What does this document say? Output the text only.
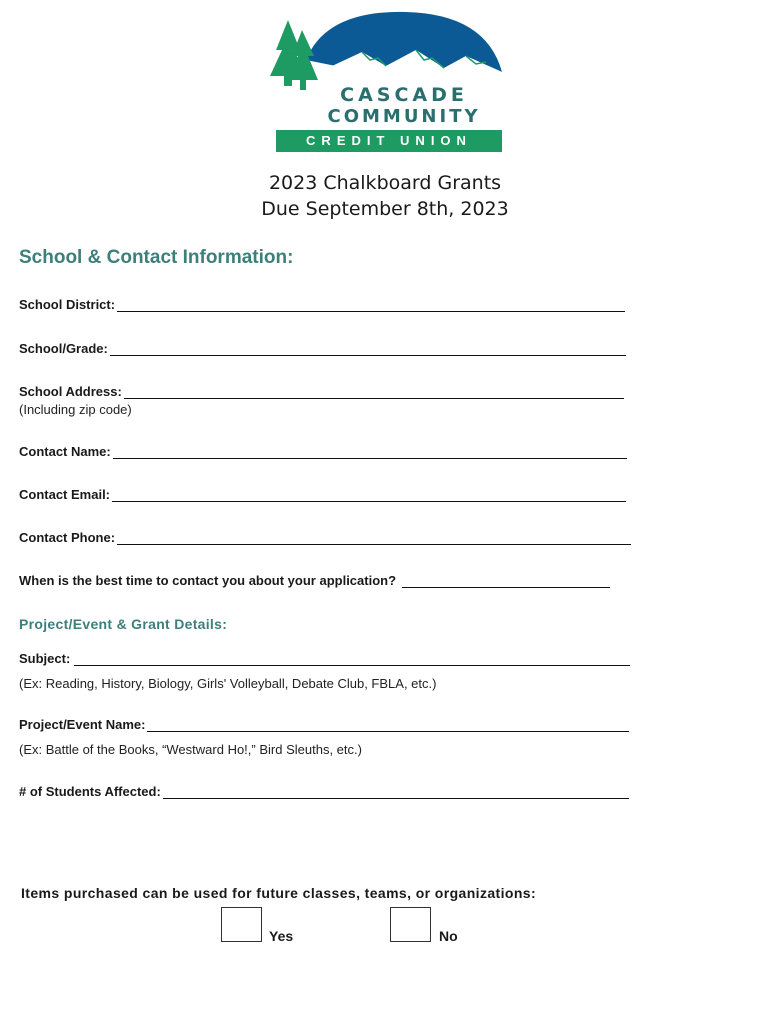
CASCADE
COMMUNITY
CREDIT UNION
2023 Chalkboard Grants
Due September 8th, 2023
School & Contact Information:
School District:
School/Grade:
School Address:
(Including zip code)
Contact Name:
Contact Email:
Contact Phone:
When is the best time to contact you about your application?
Project/Event & Grant Details:
Subject:
(Ex: Reading, History, Biology, Girls' Volleyball, Debate Club, FBLA, etc.)
Project/Event Name:
(Ex: Battle of the Books, “Westward Ho!,” Bird Sleuths, etc.)
# of Students Affected:
Items purchased can be used for future classes, teams, or organizations:
Yes	No
